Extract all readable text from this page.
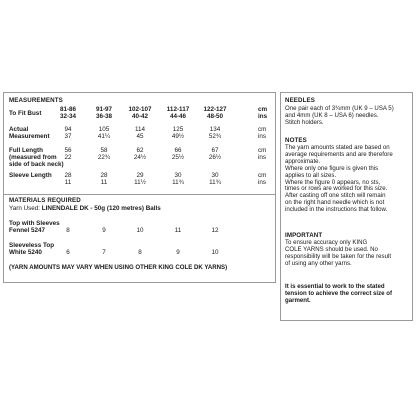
MEASUREMENTS
To Fit Bust
81-86	91-97	102-107 112-117 122-127
32-34	36-38	40-42	44-46	48-50
cm
ins
Actual
Measurement
94	105	114	125	134
37	41¼	45	49½	52¾
cm
ins
Full Length
(measured from
side of back neck)
56	58	62	66	67
22	22¾	24½	25½	26½
cm
ins
Sleeve Length	28	28	29	30	30
11	11	11½	11¾	11¾
cm
ins
MATERIALS REQUIRED
Yarn Used: LINENDALE DK - 50g (120 metres) Balls
Top with Sleeves
Fennel 5247	8	9	10	11	12
Sleeveless Top
White 5240	6	7	8	9	10
(YARN AMOUNTS MAY VARY WHEN USING OTHER KING COLE DK YARNS)
NEEDLES
One pair each of 3¾mm (UK 9 – USA 5)
and 4mm (UK 8 – USA 6) needles.
Stitch holders.
NOTES
The yarn amounts stated are based on
average requirements and are therefore
approximate.
Where only one figure is given this
applies to all sizes.
Where the figure 0 appears, no sts,
times or rows are worked for this size.
After casting off one stitch will remain
on the right hand needle which is not
included in the instructions that follow.
IMPORTANT
To ensure accuracy only KING
COLE YARNS should be used. No
responsibility will be taken for the result
of using any other yarns.
It is essential to work to the stated
tension to achieve the correct size of
garment.
